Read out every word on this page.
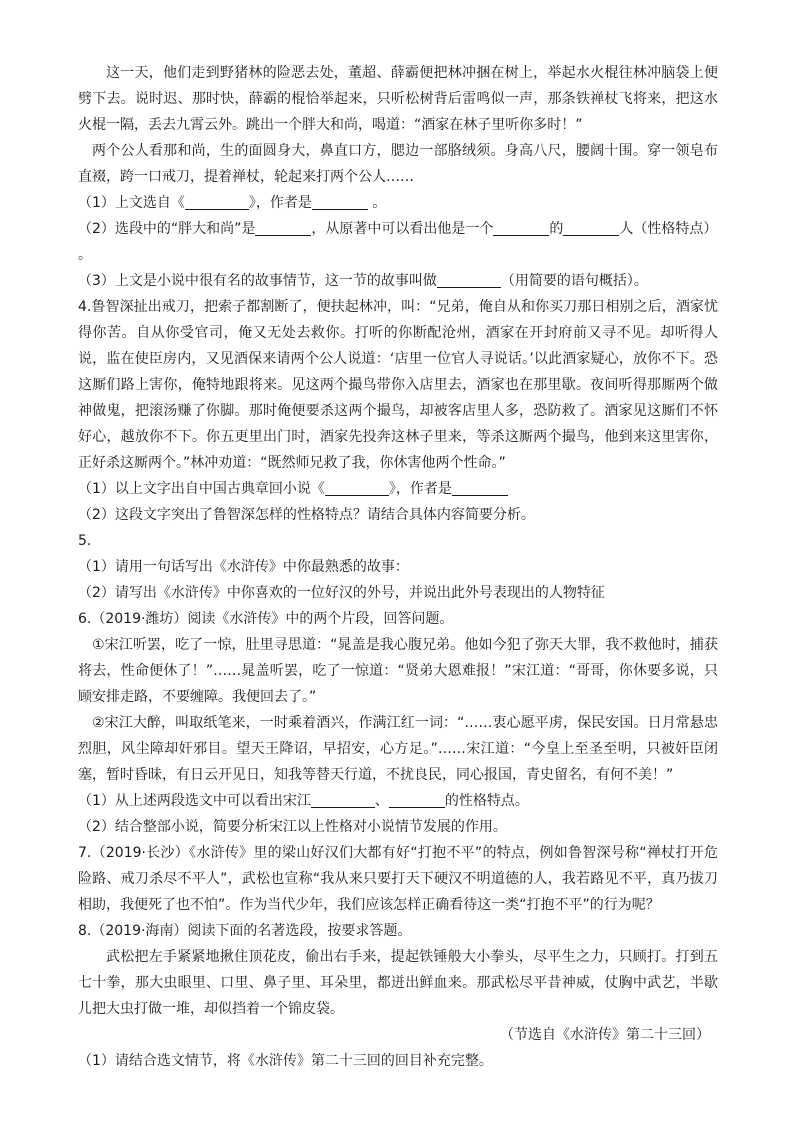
这一天，他们走到野猪林的险恶去处，董超、薛霸便把林冲捆在树上，举起水火棍往林冲脑袋上便劈下去。说时迟、那时快，薛霸的棍恰举起来，只听松树背后雷鸣似一声，那条铁禅杖飞将来，把这水火棍一隔，丢去九霄云外。跳出一个胖大和尚，喝道：“酒家在林子里听你多时！”

两个公人看那和尚，生的面圆身大，鼻直口方，腮边一部胳绒须。身高八尺，腰阔十围。穿一领皂布直裰，跨一口戒刀，提着禅杖，轮起来打两个公人……

（1）上文选自《	》，作者是	。

（2）选段中的“胖大和尚”是	，从原著中可以看出他是一个	的	人（性格特点）
。

（3）上文是小说中很有名的故事情节，这一节的故事叫做	（用简要的语句概括）。

4.鲁智深扯出戒刀，把索子都割断了，便扶起林冲，叫：“兄弟，俺自从和你买刀那日相别之后，酒家忧得你苦。自从你受官司，俺又无处去救你。打听的你断配沧州，酒家在开封府前又寻不见。却听得人说，监在使臣房内，又见酒保来请两个公人说道：‘店里一位官人寻说话。’以此酒家疑心，放你不下。恐这厮们路上害你，俺特地跟将来。见这两个撮鸟带你入店里去，酒家也在那里歇。夜间听得那厮两个做神做鬼，把滚汤赚了你脚。那时俺便要杀这两个撮鸟，却被客店里人多，恐防救了。酒家见这厮们不怀好心，越放你不下。你五更里出门时，酒家先投奔这林子里来，等杀这厮两个撮鸟，他到来这里害你，正好杀这厮两个。”林冲劝道：“既然师兄救了我，你休害他两个性命。”

（1）以上文字出自中国古典章回小说《	》，作者是

（2）这段文字突出了鲁智深怎样的性格特点？请结合具体内容简要分析。

5.

（1）请用一句话写出《水浒传》中你最熟悉的故事：

（2）请写出《水浒传》中你喜欢的一位好汉的外号，并说出此外号表现出的人物特征

6.（2019·潍坊）阅读《水浒传》中的两个片段，回答问题。

①宋江听罢，吃了一惊，肚里寻思道：“晁盖是我心腹兄弟。他如今犯了弥天大罪，我不救他时，捕获将去，性命便休了！”……晁盖听罢，吃了一惊道：“贤弟大恩难报！”宋江道：“哥哥，你休要多说，只顾安排走路，不要缠障。我便回去了。”

②宋江大醉，叫取纸笔来，一时乘着酒兴，作满江红一词：“……衷心愿平虏，保民安国。日月常悬忠烈胆，风尘障却奸邪目。望天王降诏，早招安，心方足。”……宋江道：“今皇上至圣至明，只被奸臣闭塞，暂时昏昧，有日云开见日，知我等替天行道，不扰良民，同心报国，青史留名，有何不美！”

（1）从上述两段选文中可以看出宋江	、	的性格特点。

（2）结合整部小说，简要分析宋江以上性格对小说情节发展的作用。

7.（2019·长沙）《水浒传》里的梁山好汉们大都有好“打抱不平”的特点，例如鲁智深号称“禅杖打开危险路、戒刀杀尽不平人”，武松也宣称“我从来只要打天下硬汉不明道德的人，我若路见不平，真乃拔刀相助，我便死了也不怕”。作为当代少年，我们应该怎样正确看待这一类“打抱不平”的行为呢？

8.（2019·海南）阅读下面的名著选段，按要求答题。

武松把左手紧紧地揪住顶花皮，偷出右手来，提起铁锤般大小拳头，尽平生之力，只顾打。打到五七十拳，那大虫眼里、口里、鼻子里、耳朵里，都迸出鲜血来。那武松尽平昔神威，仗胸中武艺，半歇儿把大虫打做一堆，却似挡着一个锦皮袋。

（节选自《水浒传》第二十三回）

（1）请结合选文情节，将《水浒传》第二十三回的回目补充完整。
